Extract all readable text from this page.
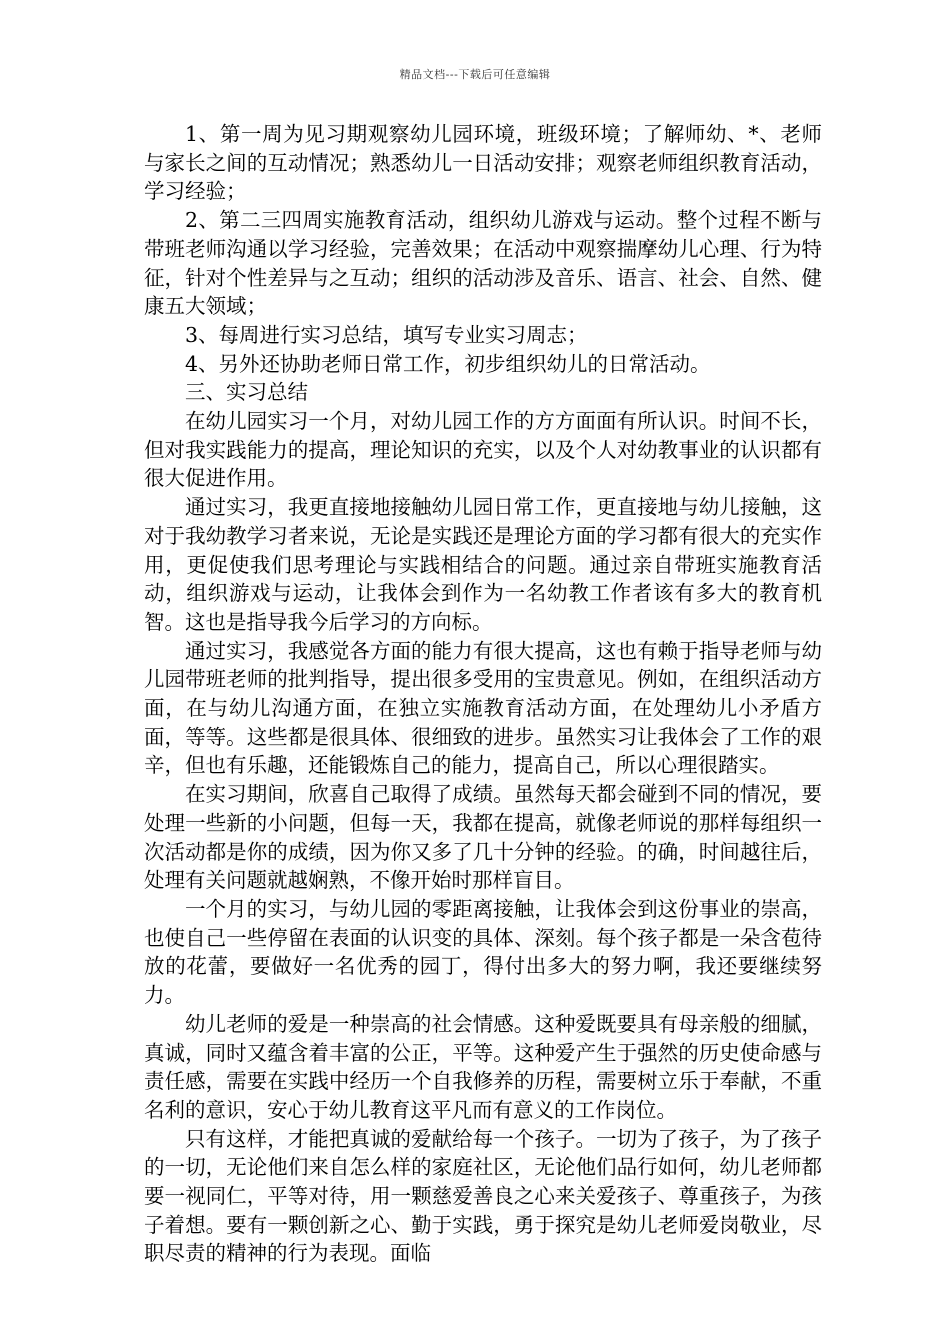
精品文档---下载后可任意编辑

1、第一周为见习期观察幼儿园环境，班级环境；了解师幼、*、老师与家长之间的互动情况；熟悉幼儿一日活动安排；观察老师组织教育活动，学习经验；

2、第二三四周实施教育活动，组织幼儿游戏与运动。整个过程不断与带班老师沟通以学习经验，完善效果；在活动中观察揣摩幼儿心理、行为特征，针对个性差异与之互动；组织的活动涉及音乐、语言、社会、自然、健康五大领域；

3、每周进行实习总结，填写专业实习周志；

4、另外还协助老师日常工作，初步组织幼儿的日常活动。

三、实习总结

在幼儿园实习一个月，对幼儿园工作的方方面面有所认识。时间不长，但对我实践能力的提高，理论知识的充实，以及个人对幼教事业的认识都有很大促进作用。

通过实习，我更直接地接触幼儿园日常工作，更直接地与幼儿接触，这对于我幼教学习者来说，无论是实践还是理论方面的学习都有很大的充实作用，更促使我们思考理论与实践相结合的问题。通过亲自带班实施教育活动，组织游戏与运动，让我体会到作为一名幼教工作者该有多大的教育机智。这也是指导我今后学习的方向标。

通过实习，我感觉各方面的能力有很大提高，这也有赖于指导老师与幼儿园带班老师的批判指导，提出很多受用的宝贵意见。例如，在组织活动方面，在与幼儿沟通方面，在独立实施教育活动方面，在处理幼儿小矛盾方面，等等。这些都是很具体、很细致的进步。虽然实习让我体会了工作的艰辛，但也有乐趣，还能锻炼自己的能力，提高自己，所以心理很踏实。

在实习期间，欣喜自己取得了成绩。虽然每天都会碰到不同的情况，要处理一些新的小问题，但每一天，我都在提高，就像老师说的那样每组织一次活动都是你的成绩，因为你又多了几十分钟的经验。的确，时间越往后，处理有关问题就越娴熟，不像开始时那样盲目。

一个月的实习，与幼儿园的零距离接触，让我体会到这份事业的崇高，也使自己一些停留在表面的认识变的具体、深刻。每个孩子都是一朵含苞待放的花蕾，要做好一名优秀的园丁，得付出多大的努力啊，我还要继续努力。

幼儿老师的爱是一种崇高的社会情感。这种爱既要具有母亲般的细腻，真诚，同时又蕴含着丰富的公正，平等。这种爱产生于强然的历史使命感与责任感，需要在实践中经历一个自我修养的历程，需要树立乐于奉献，不重名利的意识，安心于幼儿教育这平凡而有意义的工作岗位。

只有这样，才能把真诚的爱献给每一个孩子。一切为了孩子，为了孩子的一切，无论他们来自怎么样的家庭社区，无论他们品行如何，幼儿老师都要一视同仁，平等对待，用一颗慈爱善良之心来关爱孩子、尊重孩子，为孩子着想。要有一颗创新之心、勤于实践，勇于探究是幼儿老师爱岗敬业，尽职尽责的精神的行为表现。面临
